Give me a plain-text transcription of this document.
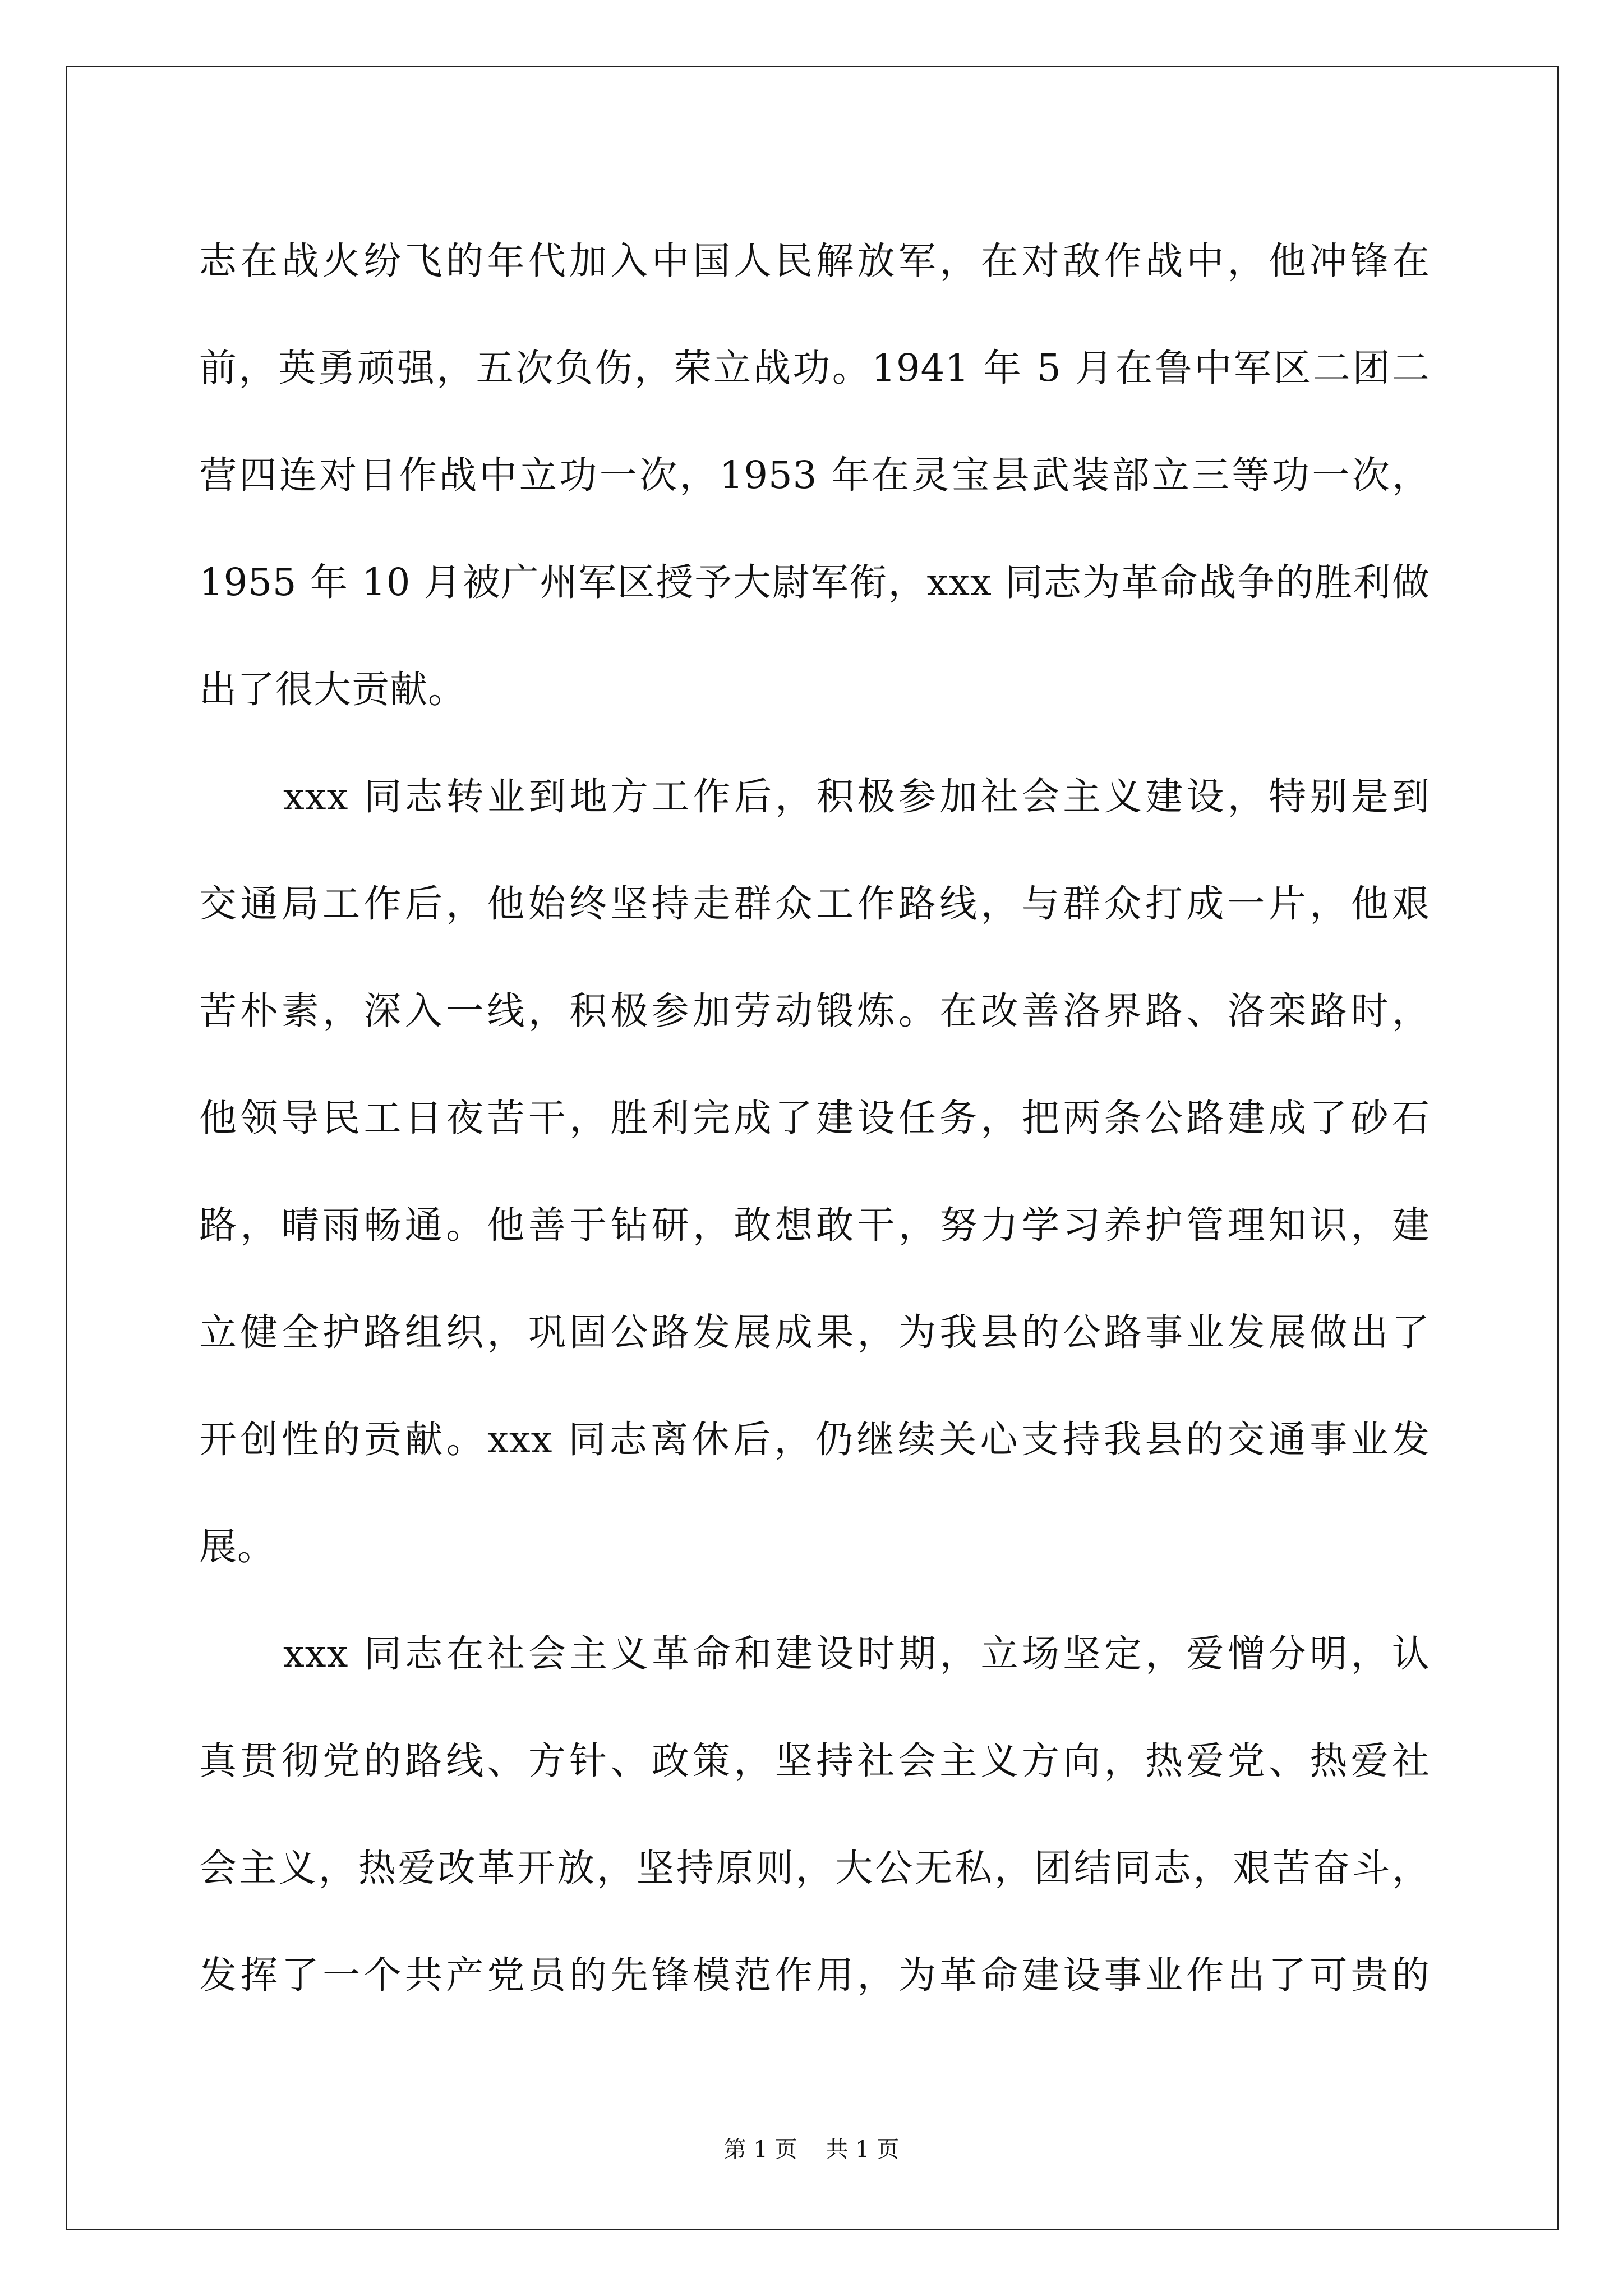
志在战火纷飞的年代加入中国人民解放军，在对敌作战中，他冲锋在
前，英勇顽强，五次负伤，荣立战功。1941 年 5 月在鲁中军区二团二
营四连对日作战中立功一次，1953 年在灵宝县武装部立三等功一次，
1955 年 10 月被广州军区授予大尉军衔，xxx 同志为革命战争的胜利做
出了很大贡献。
xxx 同志转业到地方工作后，积极参加社会主义建设，特别是到
交通局工作后，他始终坚持走群众工作路线，与群众打成一片，他艰
苦朴素，深入一线，积极参加劳动锻炼。在改善洛界路、洛栾路时，
他领导民工日夜苦干，胜利完成了建设任务，把两条公路建成了砂石
路，晴雨畅通。他善于钻研，敢想敢干，努力学习养护管理知识，建
立健全护路组织，巩固公路发展成果，为我县的公路事业发展做出了
开创性的贡献。xxx 同志离休后，仍继续关心支持我县的交通事业发
展。
xxx 同志在社会主义革命和建设时期，立场坚定，爱憎分明，认
真贯彻党的路线、方针、政策，坚持社会主义方向，热爱党、热爱社
会主义，热爱改革开放，坚持原则，大公无私，团结同志，艰苦奋斗，
发挥了一个共产党员的先锋模范作用，为革命建设事业作出了可贵的
第 1 页 共 1 页
